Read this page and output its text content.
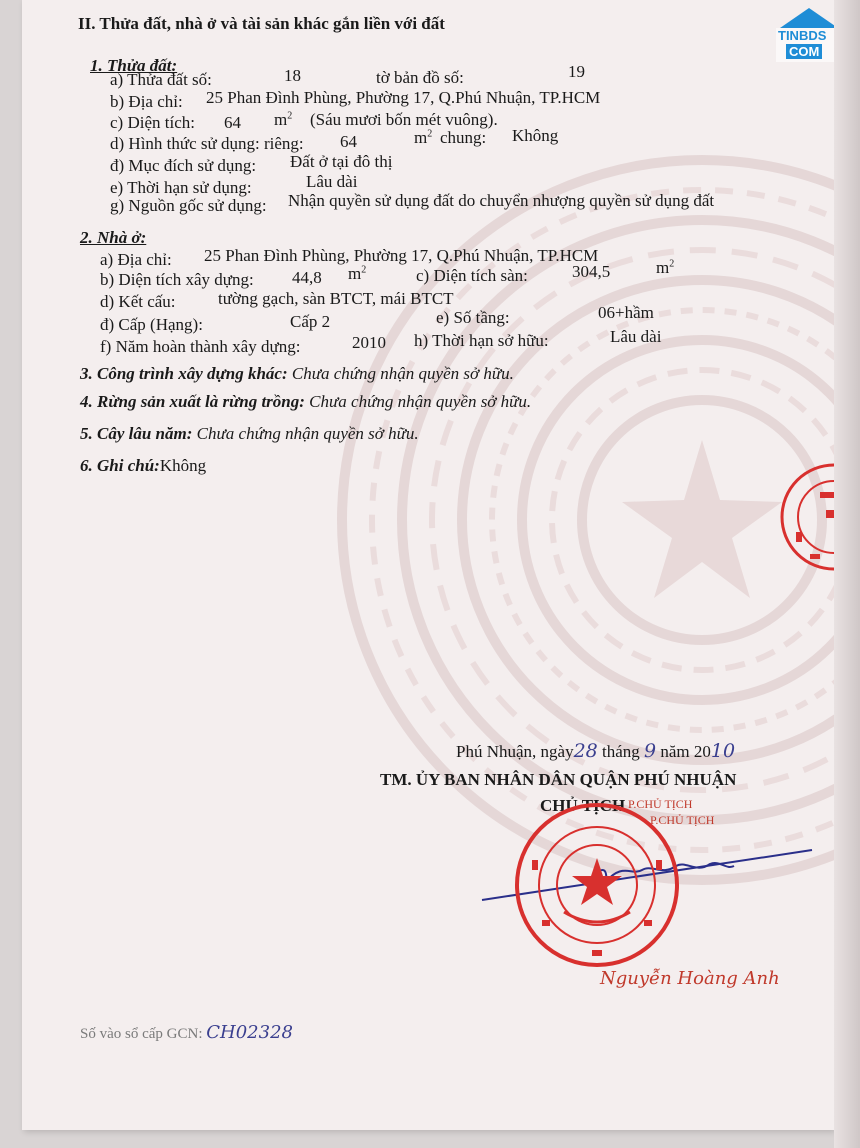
II. Thửa đất, nhà ở và tài sản khác gắn liền với đất
1. Thửa đất:
a) Thửa đất số:	18	tờ bản đồ số:	19
b) Địa chỉ: 25 Phan Đình Phùng, Phường 17, Q.Phú Nhuận, TP.HCM
c) Diện tích: 64 $m^2$ (Sáu mươi bốn mét vuông).
d) Hình thức sử dụng: riêng: 64	$m^2$ chung: Không
đ) Mục đích sử dụng: Đất ở tại đô thị
e) Thời hạn sử dụng:	Lâu dài
g) Nguồn gốc sử dụng: Nhận quyền sử dụng đất do chuyển nhượng quyền sử dụng đất
2. Nhà ở:
a) Địa chỉ: 25 Phan Đình Phùng, Phường 17, Q.Phú Nhuận, TP.HCM
b) Diện tích xây dựng: 44,8 $m^2$	c) Diện tích sàn:	304,5	$m^2$
d) Kết cấu: tường gạch, sàn BTCT, mái BTCT
đ) Cấp (Hạng):	Cấp 2	e) Số tầng:	06+hầm
f) Năm hoàn thành xây dựng:	2010 h) Thời hạn sở hữu:	Lâu dài
3. Công trình xây dựng khác: Chưa chứng nhận quyền sở hữu.
4. Rừng sản xuất là rừng trồng: Chưa chứng nhận quyền sở hữu.
5. Cây lâu năm: Chưa chứng nhận quyền sở hữu.
6. Ghi chú:Không
Phú Nhuận, ngày28 tháng 9 năm 2010
TM. ỦY BAN NHÂN DÂN QUẬN PHÚ NHUẬN
CHỦ TỊCH P.CHỦ TỊCH
P.CHỦ TỊCH
Nguyễn Hoàng Anh
Số vào sổ cấp GCN: CH02328
TINBDS
COM
